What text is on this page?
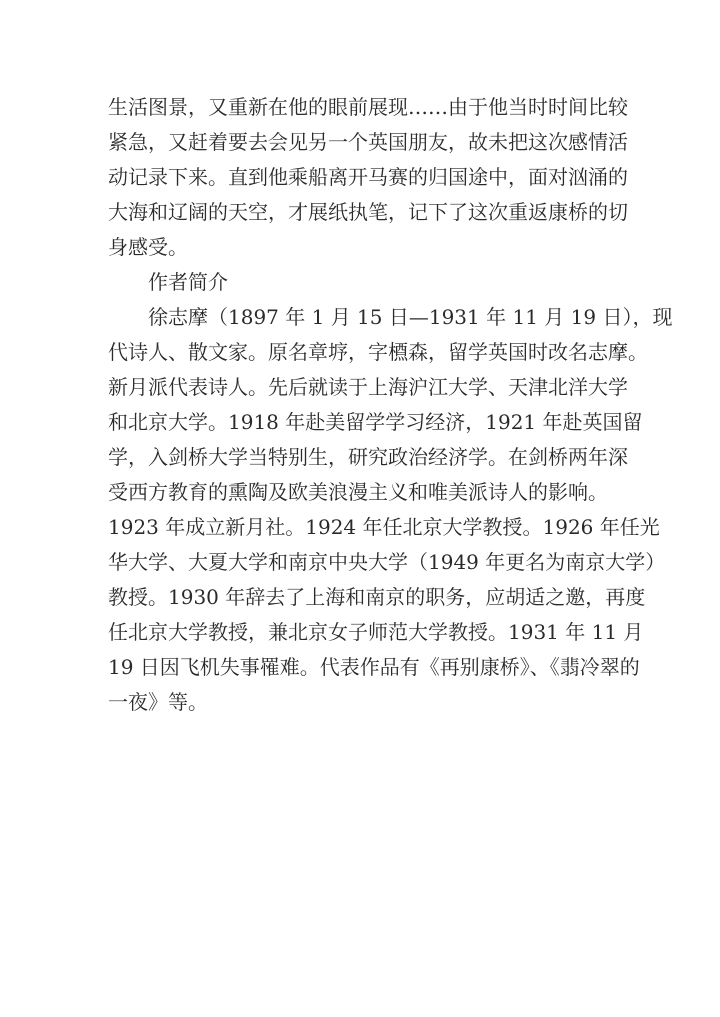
生活图景，又重新在他的眼前展现……由于他当时时间比较
紧急，又赶着要去会见另一个英国朋友，故未把这次感情活
动记录下来。直到他乘船离开马赛的归国途中，面对汹涌的
大海和辽阔的天空，才展纸执笔，记下了这次重返康桥的切
身感受。
作者简介
徐志摩（1897 年 1 月 15 日—1931 年 11 月 19 日），现
代诗人、散文家。原名章垿，字槱森，留学英国时改名志摩。
新月派代表诗人。先后就读于上海沪江大学、天津北洋大学
和北京大学。1918 年赴美留学学习经济，1921 年赴英国留
学，入剑桥大学当特别生，研究政治经济学。在剑桥两年深
受西方教育的熏陶及欧美浪漫主义和唯美派诗人的影响。
1923 年成立新月社。1924 年任北京大学教授。1926 年任光
华大学、大夏大学和南京中央大学（1949 年更名为南京大学）
教授。1930 年辞去了上海和南京的职务，应胡适之邀，再度
任北京大学教授，兼北京女子师范大学教授。1931 年 11 月
19 日因飞机失事罹难。代表作品有《再别康桥》、《翡冷翠的
一夜》等。
